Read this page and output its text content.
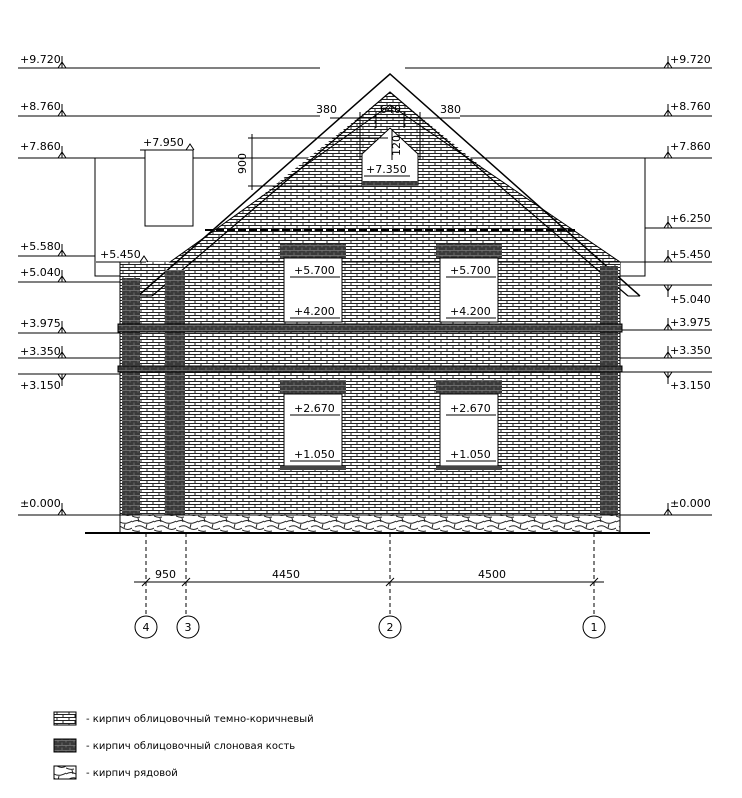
+9.720
+8.760
+7.860
+5.580
+5.040
+3.975
+3.350
+3.150
±0.000
+9.720
+8.760
+7.860
+6.250
+5.450
+5.040
+3.975
+3.350
+3.150
±0.000
+7.950
+5.450
+7.350
+5.700
+4.200
+5.700
+4.200
+2.670
+1.050
+2.670
+1.050
380	640	380
900
120
950	4450	4500
4	3	2	1
- кирпич облицовочный темно-коричневый
- кирпич облицовочный слоновая кость
- кирпич рядовой
